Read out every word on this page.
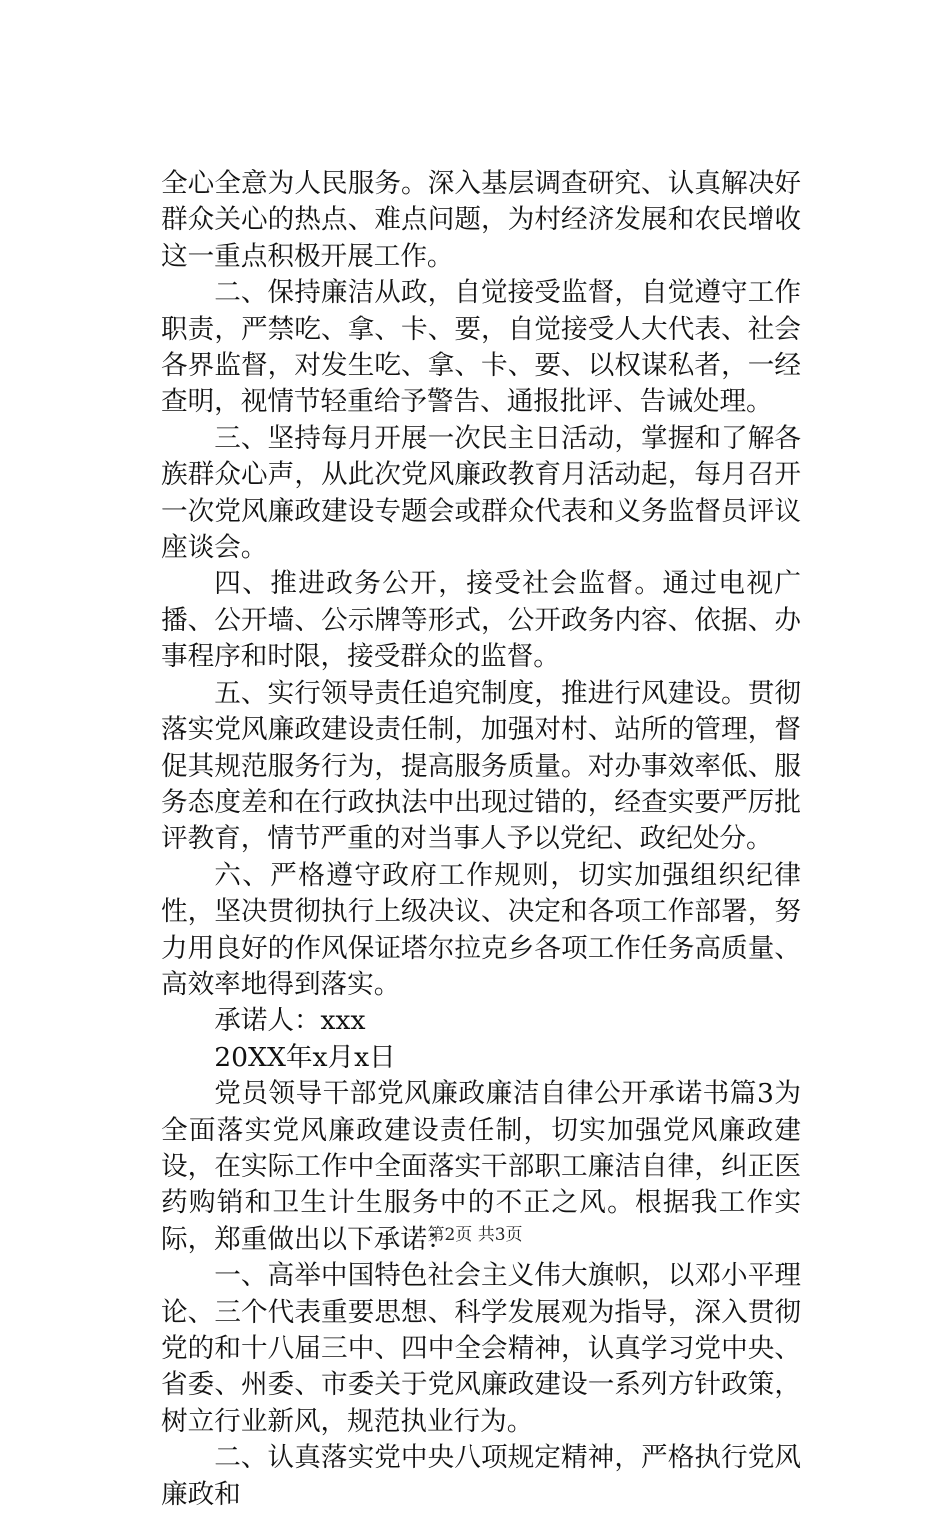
全心全意为人民服务。深入基层调查研究、认真解决好群众关心的热点、难点问题，为村经济发展和农民增收这一重点积极开展工作。

二、保持廉洁从政，自觉接受监督，自觉遵守工作职责，严禁吃、拿、卡、要，自觉接受人大代表、社会各界监督，对发生吃、拿、卡、要、以权谋私者，一经查明，视情节轻重给予警告、通报批评、告诫处理。

三、坚持每月开展一次民主日活动，掌握和了解各族群众心声，从此次党风廉政教育月活动起，每月召开一次党风廉政建设专题会或群众代表和义务监督员评议座谈会。

四、推进政务公开，接受社会监督。通过电视广播、公开墙、公示牌等形式，公开政务内容、依据、办事程序和时限，接受群众的监督。

五、实行领导责任追究制度，推进行风建设。贯彻落实党风廉政建设责任制，加强对村、站所的管理，督促其规范服务行为，提高服务质量。对办事效率低、服务态度差和在行政执法中出现过错的，经查实要严厉批评教育，情节严重的对当事人予以党纪、政纪处分。

六、严格遵守政府工作规则，切实加强组织纪律性，坚决贯彻执行上级决议、决定和各项工作部署，努力用良好的作风保证塔尔拉克乡各项工作任务高质量、高效率地得到落实。

承诺人：xxx

20XX年x月x日

党员领导干部党风廉政廉洁自律公开承诺书篇3为全面落实党风廉政建设责任制，切实加强党风廉政建设，在实际工作中全面落实干部职工廉洁自律，纠正医药购销和卫生计生服务中的不正之风。根据我工作实际，郑重做出以下承诺：

一、高举中国特色社会主义伟大旗帜，以邓小平理论、三个代表重要思想、科学发展观为指导，深入贯彻党的和十八届三中、四中全会精神，认真学习党中央、省委、州委、市委关于党风廉政建设一系列方针政策，树立行业新风，规范执业行为。

二、认真落实党中央八项规定精神，严格执行党风廉政和

第2页 共3页
